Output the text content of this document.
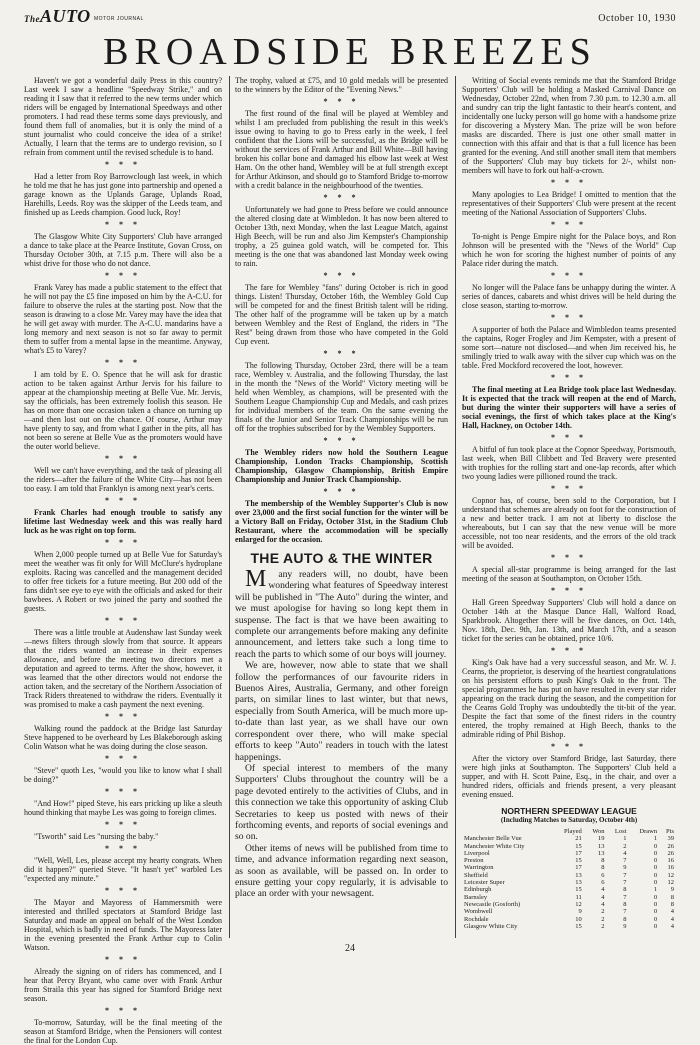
TheAUTO MOTOR JOURNAL	October 10, 1930
BROADSIDE BREEZES

Haven't we got a wonderful daily Press in this country? Last week I saw a headline "Speedway Strike," and on reading it I saw that it referred to the new terms under which riders will be engaged by International Speedways and other promoters. I had read these terms some days previously, and found them full of anomalies, but it is only the mind of a stunt journalist who could conceive the idea of a strike! Actually, I learn that the terms are to undergo revision, so I refrain from comment until the revised schedule is to hand.

* * *

Had a letter from Roy Barrowclough last week, in which he told me that he has just gone into partnership and opened a garage known as the Uplands Garage, Uplands Road, Harehills, Leeds. Roy was the skipper of the Leeds team, and finished up as Leeds champion. Good luck, Roy!

* * *

The Glasgow White City Supporters' Club have arranged a dance to take place at the Pearce Institute, Govan Cross, on Thursday October 30th, at 7.15 p.m. There will also be a whist drive for those who do not dance.

* * *

Frank Varey has made a public statement to the effect that he will not pay the £5 fine imposed on him by the A-C.U. for failure to observe the rules at the starting post. Now that the season is drawing to a close Mr. Varey may have the idea that he will get away with murder. The A-C.U. mandarins have a long memory and next season is not so far away to permit them to suffer from a mental lapse in the meantime. Anyway, what's £5 to Varey?

* * *

I am told by E. O. Spence that he will ask for drastic action to be taken against Arthur Jervis for his failure to appear at the championship meeting at Belle Vue. Mr. Jervis, say the officials, has been extremely foolish this season. He has on more than one occasion taken a chance on turning up—and then lost out on the chance. Of course, Arthur may have plenty to say, and from what I gather in the pits, all has not been so serene at Belle Vue as the promoters would have the outer world believe.

* * *

Well we can't have everything, and the task of pleasing all the riders—after the failure of the White City—has not been too easy. I am told that Franklyn is among next year's certs.

* * *

Frank Charles had enough trouble to satisfy any lifetime last Wednesday week and this was really hard luck as he was right on top form.

* * *

When 2,000 people turned up at Belle Vue for Saturday's meet the weather was fit only for Will McClure's hydroplane exploits. Racing was cancelled and the management decided to offer free tickets for a future meeting. But 200 odd of the fans didn't see eye to eye with the officials and asked for their bawbees. A Robert or two joined the party and soothed the guests.

* * *

There was a little trouble at Audenshaw last Sunday week—news filters through slowly from that source. It appears that the riders wanted an increase in their expenses allowance, and before the meeting two directors met a deputation and agreed to terms. After the show, however, it was learned that the other directors would not endorse the action taken, and the secretary of the Northern Association of Track Riders threatened to withdraw the riders. Eventually it was promised to make a cash payment the next evening.

* * *

Walking round the paddock at the Bridge last Saturday Steve happened to be overheard by Les Blakeborough asking Colin Watson what he was doing during the close season.

* * *

"Steve" quoth Les, "would you like to know what I shall be doing?"

* * *

"And How!" piped Steve, his ears pricking up like a sleuth hound thinking that maybe Les was going to foreign climes.

* * *

"Tsworth" said Les "nursing the baby."

* * *

"Well, Well, Les, please accept my hearty congrats. When did it happen?" queried Steve. "It hasn't yet" warbled Les "expected any minute."

* * *

The Mayor and Mayoress of Hammersmith were interested and thrilled spectators at Stamford Bridge last Saturday and made an appeal on behalf of the West London Hospital, which is badly in need of funds. The Mayoress later in the evening presented the Frank Arthur cup to Colin Watson.

* * *

Already the signing on of riders has commenced, and I hear that Percy Bryant, who came over with Frank Arthur from Straila this year has signed for Stamford Bridge next season.

* * *

To-morrow, Saturday, will be the final meeting of the season at Stamford Bridge, when the Pensioners will contest the final for the London Cup.

The trophy, valued at £75, and 10 gold medals will be presented to the winners by the Editor of the "Evening News."

* * *

The first round of the final will be played at Wembley and whilst I am precluded from publishing the result in this week's issue owing to having to go to Press early in the week, I feel confident that the Lions will be successful, as the Bridge will be without the services of Frank Arthur and Bill White—Bill having broken his collar bone and damaged his elbow last week at West Ham. On the other hand, Wembley will be at full strength except for Arthur Atkinson, and should go to Stamford Bridge to-morrow with a credit balance in the neighbourhood of the twenties.

* * *

Unfortunately we had gone to Press before we could announce the altered closing date at Wimbledon. It has now been altered to October 13th, next Monday, when the last League Match, against High Beech, will be run and also Jim Kempster's Championship trophy, a 25 guinea gold watch, will be competed for. This meeting is the one that was abandoned last Monday week owing to rain.

* * *

The fare for Wembley "fans" during October is rich in good things. Listen! Thursday, October 16th, the Wembley Gold Cup will be competed for and the finest British talent will be riding. The other half of the programme will be taken up by a match between Wembley and the Rest of England, the riders in "The Rest" being drawn from those who have competed in the Gold Cup event.

* * *

The following Thursday, October 23rd, there will be a team race, Wembley v. Australia, and the following Thursday, the last in the month the "News of the World" Victory meeting will be held when Wembley, as champions, will be presented with the Southern League Championship Cup and Medals, and cash prizes for individual members of the team. On the same evening the finals of the Junior and Senior Track Championships will be run off for the trophies subscribed for by the Wembley Supporters.

* * *

The Wembley riders now hold the Southern League Championship, London Tracks Championship, Scottish Championship, Glasgow Championship, British Empire Championship and Junior Track Championship.

* * *

The membership of the Wembley Supporter's Club is now over 23,000 and the first social function for the winter will be a Victory Ball on Friday, October 31st, in the Stadium Club Restaurant, where the accommodation will be specially enlarged for the occasion.

THE AUTO & THE WINTER

Many readers will, no doubt, have been wondering what features of Speedway interest will be published in "The Auto" during the winter, and we must apologise for having so long kept them in suspense. The fact is that we have been awaiting to complete our arrangements before making any definite announcement, and letters take such a long time to reach the parts to which some of our boys will journey.

We are, however, now able to state that we shall follow the performances of our favourite riders in Buenos Aires, Australia, Germany, and other foreign parts, on similar lines to last winter, but that news, especially from South America, will be much more up-to-date than last year, as we shall have our own correspondent over there, who will make special efforts to keep "Auto" readers in touch with the latest happenings.

Of special interest to members of the many Supporters' Clubs throughout the country will be a page devoted entirely to the activities of Clubs, and in this connection we take this opportunity of asking Club Secretaries to keep us posted with news of their forthcoming events, and reports of social evenings and so on.

Other items of news will be published from time to time, and advance information regarding next season, as soon as available, will be passed on. In order to ensure getting your copy regularly, it is advisable to place an order with your newsagent.

Writing of Social events reminds me that the Stamford Bridge Supporters' Club will be holding a Masked Carnival Dance on Wednesday, October 22nd, when from 7.30 p.m. to 12.30 a.m. all and sundry can trip the light fantastic to their heart's content, and incidentally one lucky person will go home with a handsome prize for discovering a Mystery Man. The prize will be won before masks are discarded. There is just one other small matter in connection with this affair and that is that a full licence has been granted for the evening. And still another small item that members of the Supporters' Club may buy tickets for 2/-, whilst non-members will have to fork out half-a-crown.

* * *

Many apologies to Lea Bridge! I omitted to mention that the representatives of their Supporters' Club were present at the recent meeting of the National Association of Supporters' Clubs.

* * *

To-night is Penge Empire night for the Palace boys, and Ron Johnson will be presented with the "News of the World" Cup which he won for scoring the highest number of points of any Palace rider during the match.

* * *

No longer will the Palace fans be unhappy during the winter. A series of dances, cabarets and whist drives will be held during the close season, starting to-morrow.

* * *

A supporter of both the Palace and Wimbledon teams presented the captains, Roger Frogley and Jim Kempster, with a present of some sort—nature not disclosed—and when Jim received his, he smilingly tried to walk away with the silver cup which was on the table. Fred Mockford recovered the loot, however.

* * *

The final meeting at Lea Bridge took place last Wednesday. It is expected that the track will reopen at the end of March, but during the winter their supporters will have a series of social evenings, the first of which takes place at the King's Hall, Hackney, on October 14th.

* * *

A bitful of fun took place at the Copnor Speedway, Portsmouth, last week, when Bill Clibbett and Ted Bravery were presented with trophies for the rolling start and one-lap records, after which two young ladies were pillioned round the track.

* * *

Copnor has, of course, been sold to the Corporation, but I understand that schemes are already on foot for the construction of a new and better track. I am not at liberty to disclose the whereabouts, but I can say that the new venue will be more accessible, not too near residents, and the errors of the old track will be avoided.

* * *

A special all-star programme is being arranged for the last meeting of the season at Southampton, on October 15th.

* * *

Hall Green Speedway Supporters' Club will hold a dance on October 14th at the Masque Dance Hall, Walford Road, Sparkbrook. Altogether there will be five dances, on Oct. 14th, Nov. 18th, Dec. 9th, Jan. 13th, and March 17th, and a season ticket for the series can be obtained, price 10/6.

* * *

King's Oak have had a very successful season, and Mr. W. J. Cearns, the proprietor, is deserving of the heartiest congratulations on his persistent efforts to push King's Oak to the front. The special programmes he has put on have resulted in every star rider appearing on the track during the season, and the competition for the Cearns Gold Trophy was undoubtedly the tit-bit of the year. Despite the fact that some of the finest riders in the country entered, the trophy remained at High Beech, thanks to the admirable riding of Phil Bishop.

* * *

After the victory over Stamford Bridge, last Saturday, there were high jinks at Southampton. The Supporters' Club held a supper, and with H. Scott Paine, Esq., in the chair, and over a hundred riders, officials and friends present, a very pleasant evening ensued.

NORTHERN SPEEDWAY LEAGUE
(Including Matches to Saturday, October 4th)
	Played	Won	Lost	Drawn	Pts
Manchester Belle Vue	21	19	1	1	39
Manchester White City	15	13	2	0	26
Liverpool	17	13	4	0	26
Preston	15	8	7	0	16
Warrington	17	8	9	0	16
Sheffield	13	6	7	0	12
Leicester Super	13	6	7	0	12
Edinburgh	15	4	8	1	9
Barnsley	11	4	7	0	8
Newcastle (Gosforth)	12	4	8	0	8
Wombwell	9	2	7	0	4
Rochdale	10	2	8	0	4
Glasgow White City	15	2	9	0	4
24
